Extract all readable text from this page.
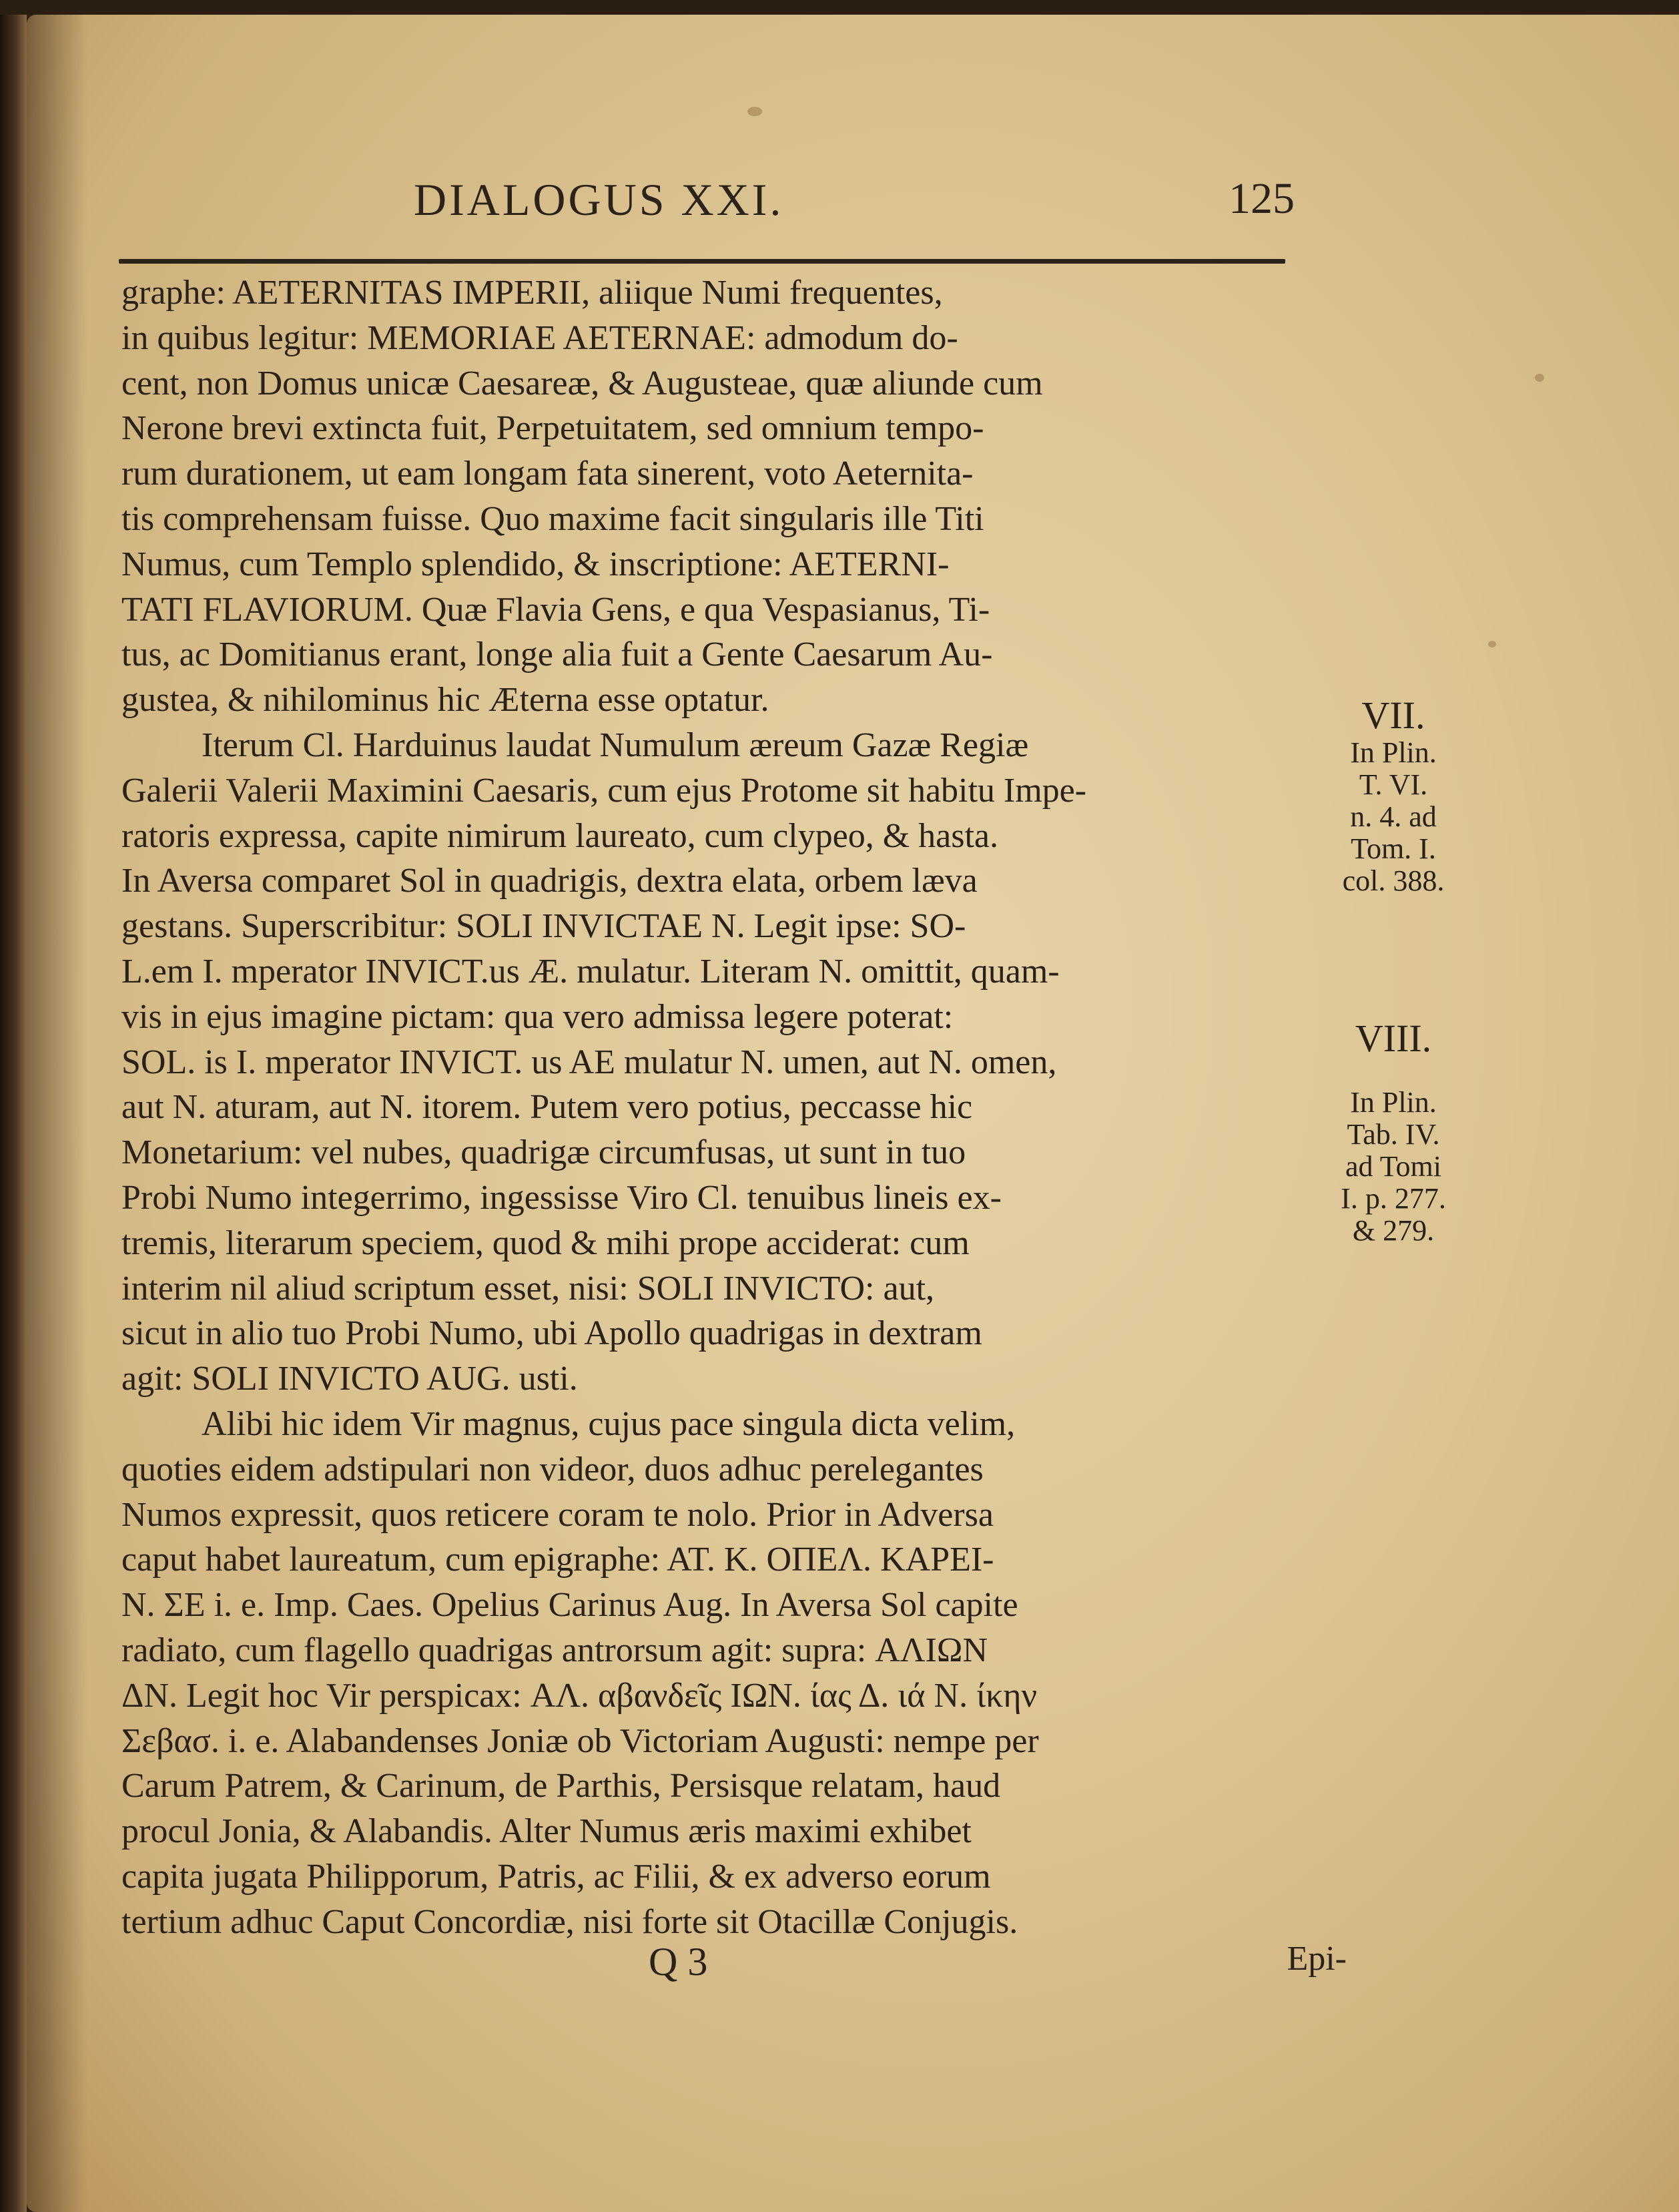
DIALOGUS XXI.	125
graphe: AETERNITAS IMPERII, aliique Numi frequentes,
in quibus legitur: MEMORIAE AETERNAE: admodum do-
cent, non Domus unicæ Caesareæ, & Augusteae, quæ aliunde cum
Nerone brevi extincta fuit, Perpetuitatem, sed omnium tempo-
rum durationem, ut eam longam fata sinerent, voto Aeternita-
tis comprehensam fuisse. Quo maxime facit singularis ille Titi
Numus, cum Templo splendido, & inscriptione: AETERNI-
TATI FLAVIORUM. Quæ Flavia Gens, e qua Vespasianus, Ti-
tus, ac Domitianus erant, longe alia fuit a Gente Caesarum Au-
gustea, & nihilominus hic Æterna esse optatur.
Iterum Cl. Harduinus laudat Numulum æreum Gazæ Regiæ
Galerii Valerii Maximini Caesaris, cum ejus Protome sit habitu Impe-
ratoris expressa, capite nimirum laureato, cum clypeo, & hasta.
In Aversa comparet Sol in quadrigis, dextra elata, orbem læva
gestans. Superscribitur: SOLI INVICTAE N. Legit ipse: SO-
L.em I. mperator INVICT.us Æ. mulatur. Literam N. omittit, quam-
vis in ejus imagine pictam: qua vero admissa legere poterat:
SOL. is I. mperator INVICT. us AE mulatur N. umen, aut N. omen,
aut N. aturam, aut N. itorem. Putem vero potius, peccasse hic
Monetarium: vel nubes, quadrigæ circumfusas, ut sunt in tuo
Probi Numo integerrimo, ingessisse Viro Cl. tenuibus lineis ex-
tremis, literarum speciem, quod & mihi prope acciderat: cum
interim nil aliud scriptum esset, nisi: SOLI INVICTO: aut,
sicut in alio tuo Probi Numo, ubi Apollo quadrigas in dextram
agit: SOLI INVICTO AUG. usti.
Alibi hic idem Vir magnus, cujus pace singula dicta velim,
quoties eidem adstipulari non videor, duos adhuc perelegantes
Numos expressit, quos reticere coram te nolo. Prior in Adversa
caput habet laureatum, cum epigraphe: AT. K. ΟΠΕΛ. ΚΑΡΕΙ-
Ν. ΣΕ i. e. Imp. Caes. Opelius Carinus Aug. In Aversa Sol capite
radiato, cum flagello quadrigas antrorsum agit: supra: ΑΛΙΩΝ
ΔΝ. Legit hoc Vir perspicax: ΑΛ. αβανδεῖς ΙΩΝ. ίας Δ. ιά Ν. ίκην
Σεβασ. i. e. Alabandenses Joniæ ob Victoriam Augusti: nempe per
Carum Patrem, & Carinum, de Parthis, Persisque relatam, haud
procul Jonia, & Alabandis. Alter Numus æris maximi exhibet
capita jugata Philipporum, Patris, ac Filii, & ex adverso eorum
tertium adhuc Caput Concordiæ, nisi forte sit Otacillæ Conjugis.
VII.
In Plin.
T. VI.
n. 4. ad
Tom. I.
col. 388.
VIII.
In Plin.
Tab. IV.
ad Tomi
I. p. 277.
& 279.
Q 3	Epi-
